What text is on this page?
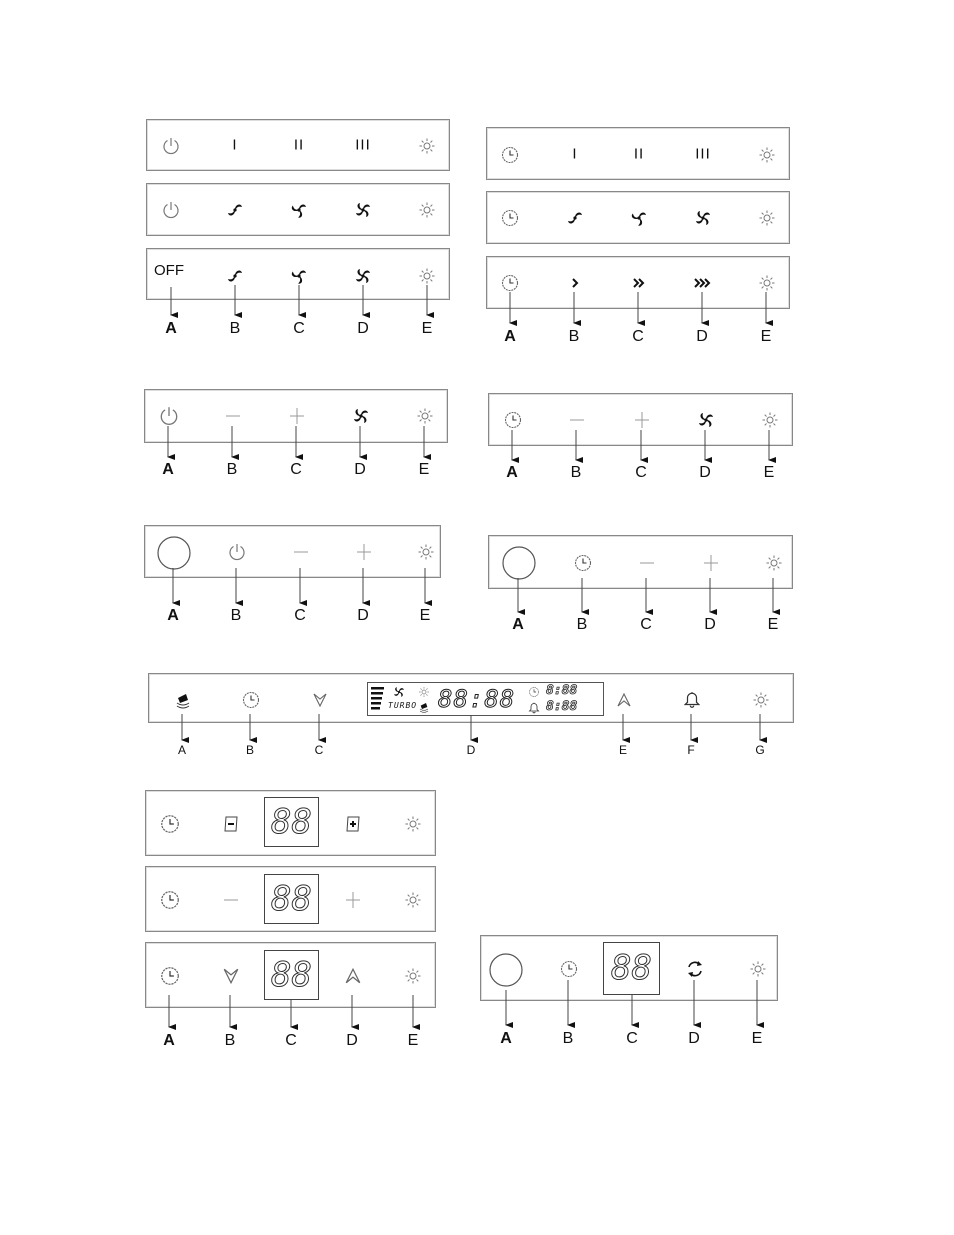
I	II	III
OFF
I	II	III
TURBO 88:88 8:88
8:88
88
88
88	88
A	B	C	D	E	A	B	C	D	E
A	B	C	D	E	A	B	C	D	E
A	B	C	D	E
A	B	C	D	E
A	B	C	D	E	F	G
A	B	C	D	E	A	B	C	D	E
